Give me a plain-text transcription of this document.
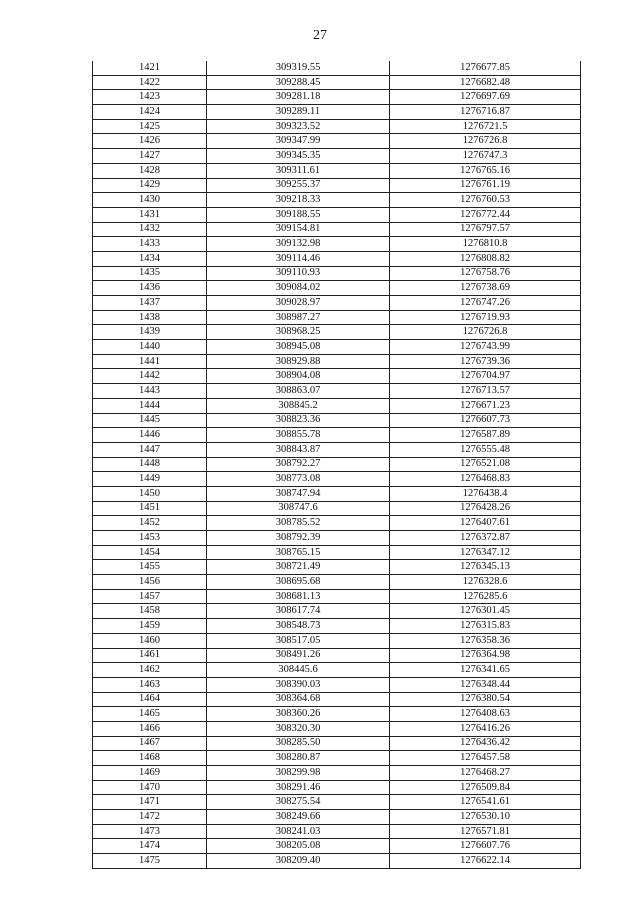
27
1421	309319.55	1276677.85
1422	309288.45	1276682.48
1423	309281.18	1276697.69
1424	309289.11	1276716.87
1425	309323.52	1276721.5
1426	309347.99	1276726.8
1427	309345.35	1276747.3
1428	309311.61	1276765.16
1429	309255.37	1276761.19
1430	309218.33	1276760.53
1431	309188.55	1276772.44
1432	309154.81	1276797.57
1433	309132.98	1276810.8
1434	309114.46	1276808.82
1435	309110.93	1276758.76
1436	309084.02	1276738.69
1437	309028.97	1276747.26
1438	308987.27	1276719.93
1439	308968.25	1276726.8
1440	308945.08	1276743.99
1441	308929.88	1276739.36
1442	308904.08	1276704.97
1443	308863.07	1276713.57
1444	308845.2	1276671.23
1445	308823.36	1276607.73
1446	308855.78	1276587.89
1447	308843.87	1276555.48
1448	308792.27	1276521.08
1449	308773.08	1276468.83
1450	308747.94	1276438.4
1451	308747.6	1276428.26
1452	308785.52	1276407.61
1453	308792.39	1276372.87
1454	308765.15	1276347.12
1455	308721.49	1276345.13
1456	308695.68	1276328.6
1457	308681.13	1276285.6
1458	308617.74	1276301.45
1459	308548.73	1276315.83
1460	308517.05	1276358.36
1461	308491.26	1276364.98
1462	308445.6	1276341.65
1463	308390.03	1276348.44
1464	308364.68	1276380.54
1465	308360.26	1276408.63
1466	308320.30	1276416.26
1467	308285.50	1276436.42
1468	308280.87	1276457.58
1469	308299.98	1276468.27
1470	308291.46	1276509.84
1471	308275.54	1276541.61
1472	308249.66	1276530.10
1473	308241.03	1276571.81
1474	308205.08	1276607.76
1475	308209.40	1276622.14
